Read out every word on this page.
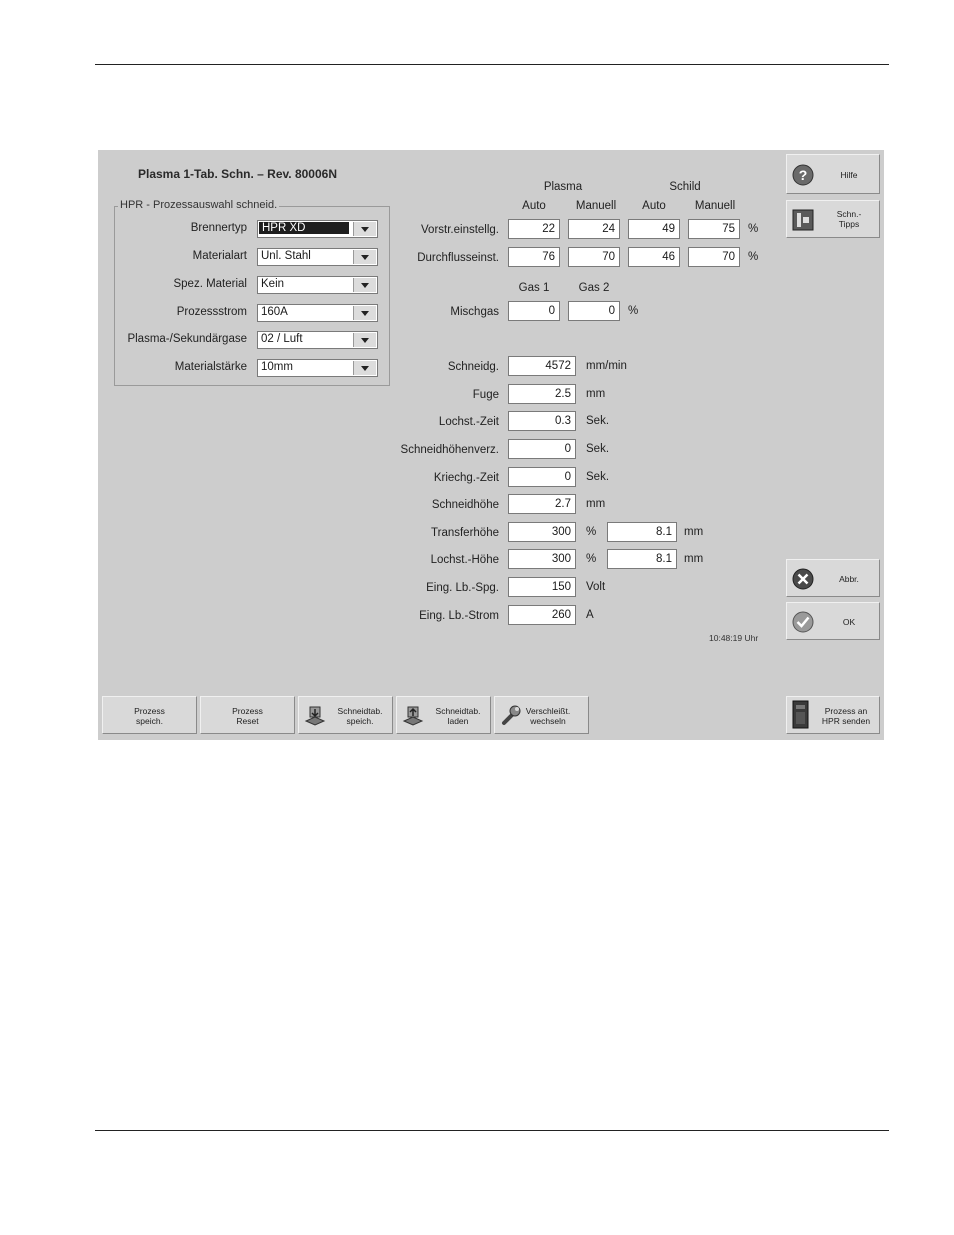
Plasma 1-Tab. Schn. – Rev. 80006N
HPR - Prozessauswahl schneid.
Brennertyp HPR XD
Materialart Unl. Stahl
Spez. Material Kein
Prozessstrom 160A
Plasma-/Sekundärgase 02 / Luft
Materialstärke 10mm
Plasma	Schild
Auto	Manuell	Auto	Manuell
Vorstr.einstellg.	22	24	49	75	%
Durchflusseinst.	76	70	46	70	%
Gas 1	Gas 2
Mischgas	0	0	%
Schneidg.	4572	mm/min
Fuge	2.5	mm
Lochst.-Zeit	0.3	Sek.
Schneidhöhenverz.	0	Sek.
Kriechg.-Zeit	0	Sek.
Schneidhöhe	2.7	mm
Transferhöhe	300	%	8.1	mm
Lochst.-Höhe	300	%	8.1	mm
Eing. Lb.-Spg.	150	Volt
Eing. Lb.-Strom	260	A
10:48:19 Uhr
?	Hilfe
Schn.-
Tipps
Abbr.
OK
Prozess
speich.
Prozess
Reset
Schneidtab.
speich.
Schneidtab.
laden
Verschleißt.
wechseln
Prozess an
HPR senden
